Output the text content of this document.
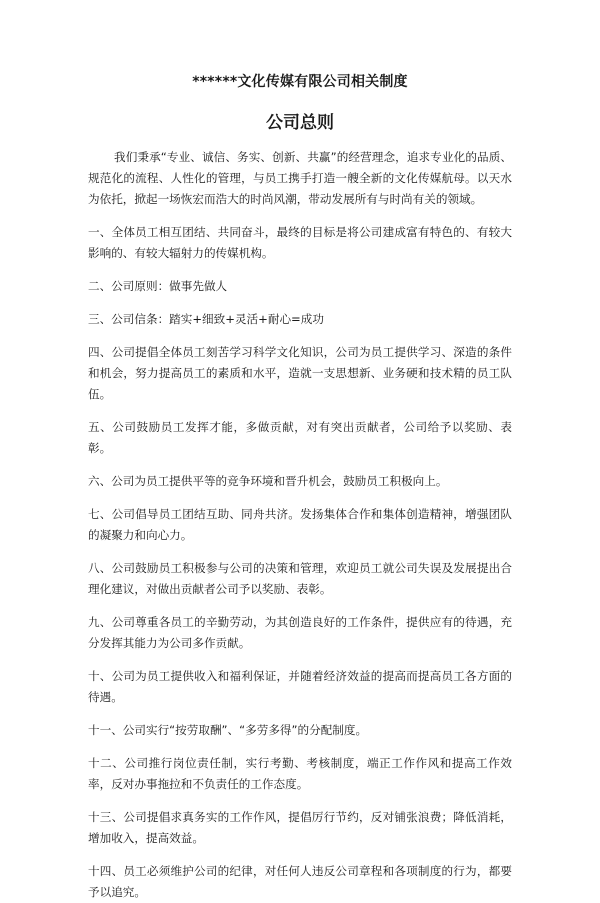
******文化传媒有限公司相关制度
公司总则

我们秉承“专业、诚信、务实、创新、共赢”的经营理念，追求专业化的品质、规范化的流程、人性化的管理，与员工携手打造一艘全新的文化传媒航母。以天水为依托，掀起一场恢宏而浩大的时尚风潮，带动发展所有与时尚有关的领域。

一、全体员工相互团结、共同奋斗，最终的目标是将公司建成富有特色的、有较大影响的、有较大辐射力的传媒机构。

二、公司原则：做事先做人

三、公司信条：踏实+细致+灵活+耐心=成功

四、公司提倡全体员工刻苦学习科学文化知识，公司为员工提供学习、深造的条件和机会，努力提高员工的素质和水平，造就一支思想新、业务硬和技术精的员工队伍。

五、公司鼓励员工发挥才能，多做贡献，对有突出贡献者，公司给予以奖励、表彰。

六、公司为员工提供平等的竞争环境和晋升机会，鼓励员工积极向上。

七、公司倡导员工团结互助、同舟共济。发扬集体合作和集体创造精神，增强团队的凝聚力和向心力。

八、公司鼓励员工积极参与公司的决策和管理，欢迎员工就公司失误及发展提出合理化建议，对做出贡献者公司予以奖励、表彰。

九、公司尊重各员工的辛勤劳动，为其创造良好的工作条件，提供应有的待遇，充分发挥其能力为公司多作贡献。

十、公司为员工提供收入和福利保证，并随着经济效益的提高而提高员工各方面的待遇。

十一、公司实行“按劳取酬”、“多劳多得”的分配制度。

十二、公司推行岗位责任制，实行考勤、考核制度，端正工作作风和提高工作效率，反对办事拖拉和不负责任的工作态度。

十三、公司提倡求真务实的工作作风，提倡厉行节约，反对铺张浪费；降低消耗，增加收入，提高效益。

十四、员工必须维护公司的纪律，对任何人违反公司章程和各项制度的行为，都要予以追究。
